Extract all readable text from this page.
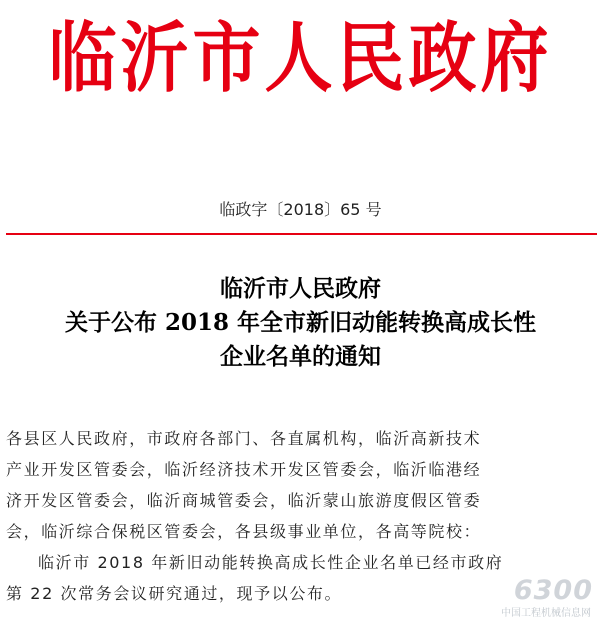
临沂市人民政府
临政字〔2018〕65 号
临沂市人民政府
关于公布 2018 年全市新旧动能转换高成长性
企业名单的通知
各县区人民政府，市政府各部门、各直属机构，临沂高新技术
产业开发区管委会，临沂经济技术开发区管委会，临沂临港经
济开发区管委会，临沂商城管委会，临沂蒙山旅游度假区管委
会，临沂综合保税区管委会，各县级事业单位，各高等院校：
临沂市 2018 年新旧动能转换高成长性企业名单已经市政府
第 22 次常务会议研究通过，现予以公布。	6300
中国工程机械信息网
